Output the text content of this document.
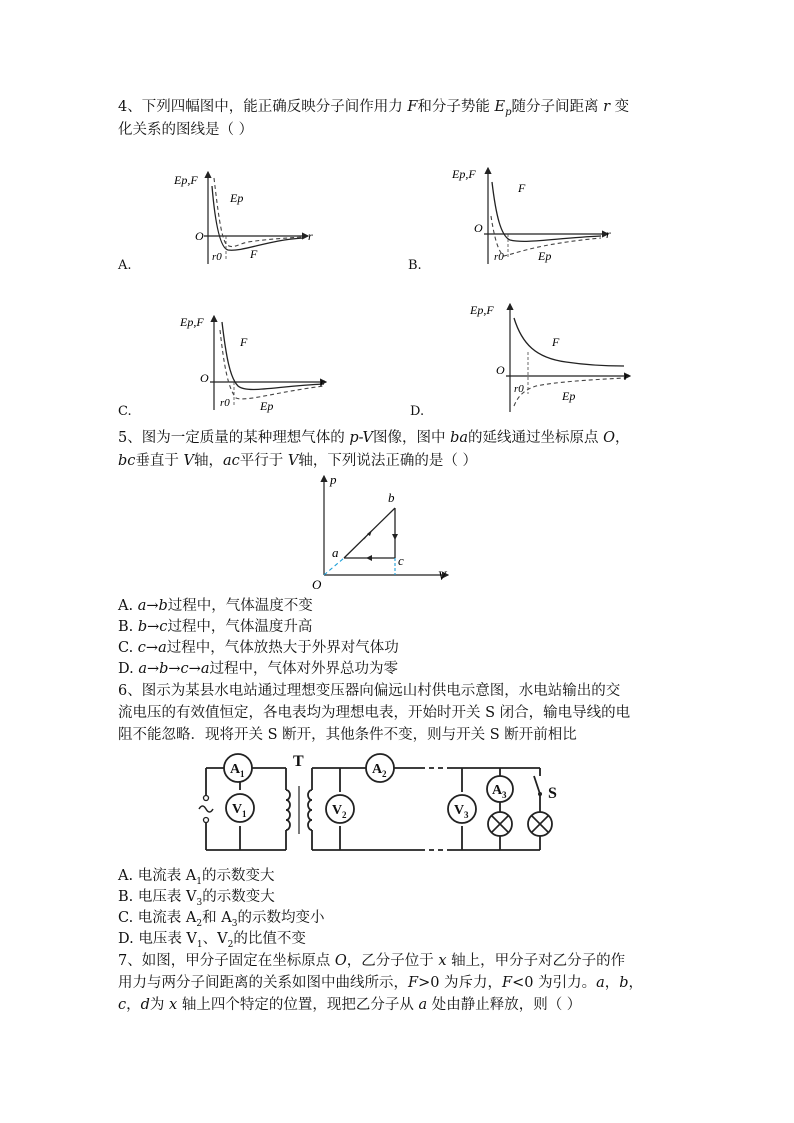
4、下列四幅图中，能正确反映分子间作用力 F和分子势能 $E_p$随分子间距离 r 变
化关系的图线是（ ）
Ep,F
r
O
Ep
F
r0
A.
Ep,F
r
O
F
Ep
r0
B.
Ep,F
r
O
F
Ep
r0
C.
Ep,F
r
O
F
Ep
r0
D.
5、图为一定质量的某种理想气体的 p-V图像，图中 ba的延线通过坐标原点 O，
bc垂直于 V轴，ac平行于 V轴，下列说法正确的是（ ）
p
V
O
a
b
c
A. a→b过程中，气体温度不变
B. b→c过程中，气体温度升高
C. c→a过程中，气体放热大于外界对气体功
D. a→b→c→a过程中，气体对外界总功为零
6、图示为某县水电站通过理想变压器向偏远山村供电示意图，水电站输出的交
流电压的有效值恒定，各电表均为理想电表，开始时开关 S 闭合，输电导线的电
阻不能忽略．现将开关 S 断开，其他条件不变，则与开关 S 断开前相比
A 1
V 1
A 2
V 2	V 3
A 3
T
S
A. 电流表 $A_1$的示数变大
B. 电压表 $V_3$的示数变大
C. 电流表 $A_2$和 $A_3$的示数均变小
D. 电压表 $V_1$、$V_2$的比值不变
7、如图，甲分子固定在坐标原点 O，乙分子位于 x 轴上，甲分子对乙分子的作
用力与两分子间距离的关系如图中曲线所示，F>0 为斥力，F<0 为引力。a，b，
c，d为 x 轴上四个特定的位置，现把乙分子从 a 处由静止释放，则（ ）
